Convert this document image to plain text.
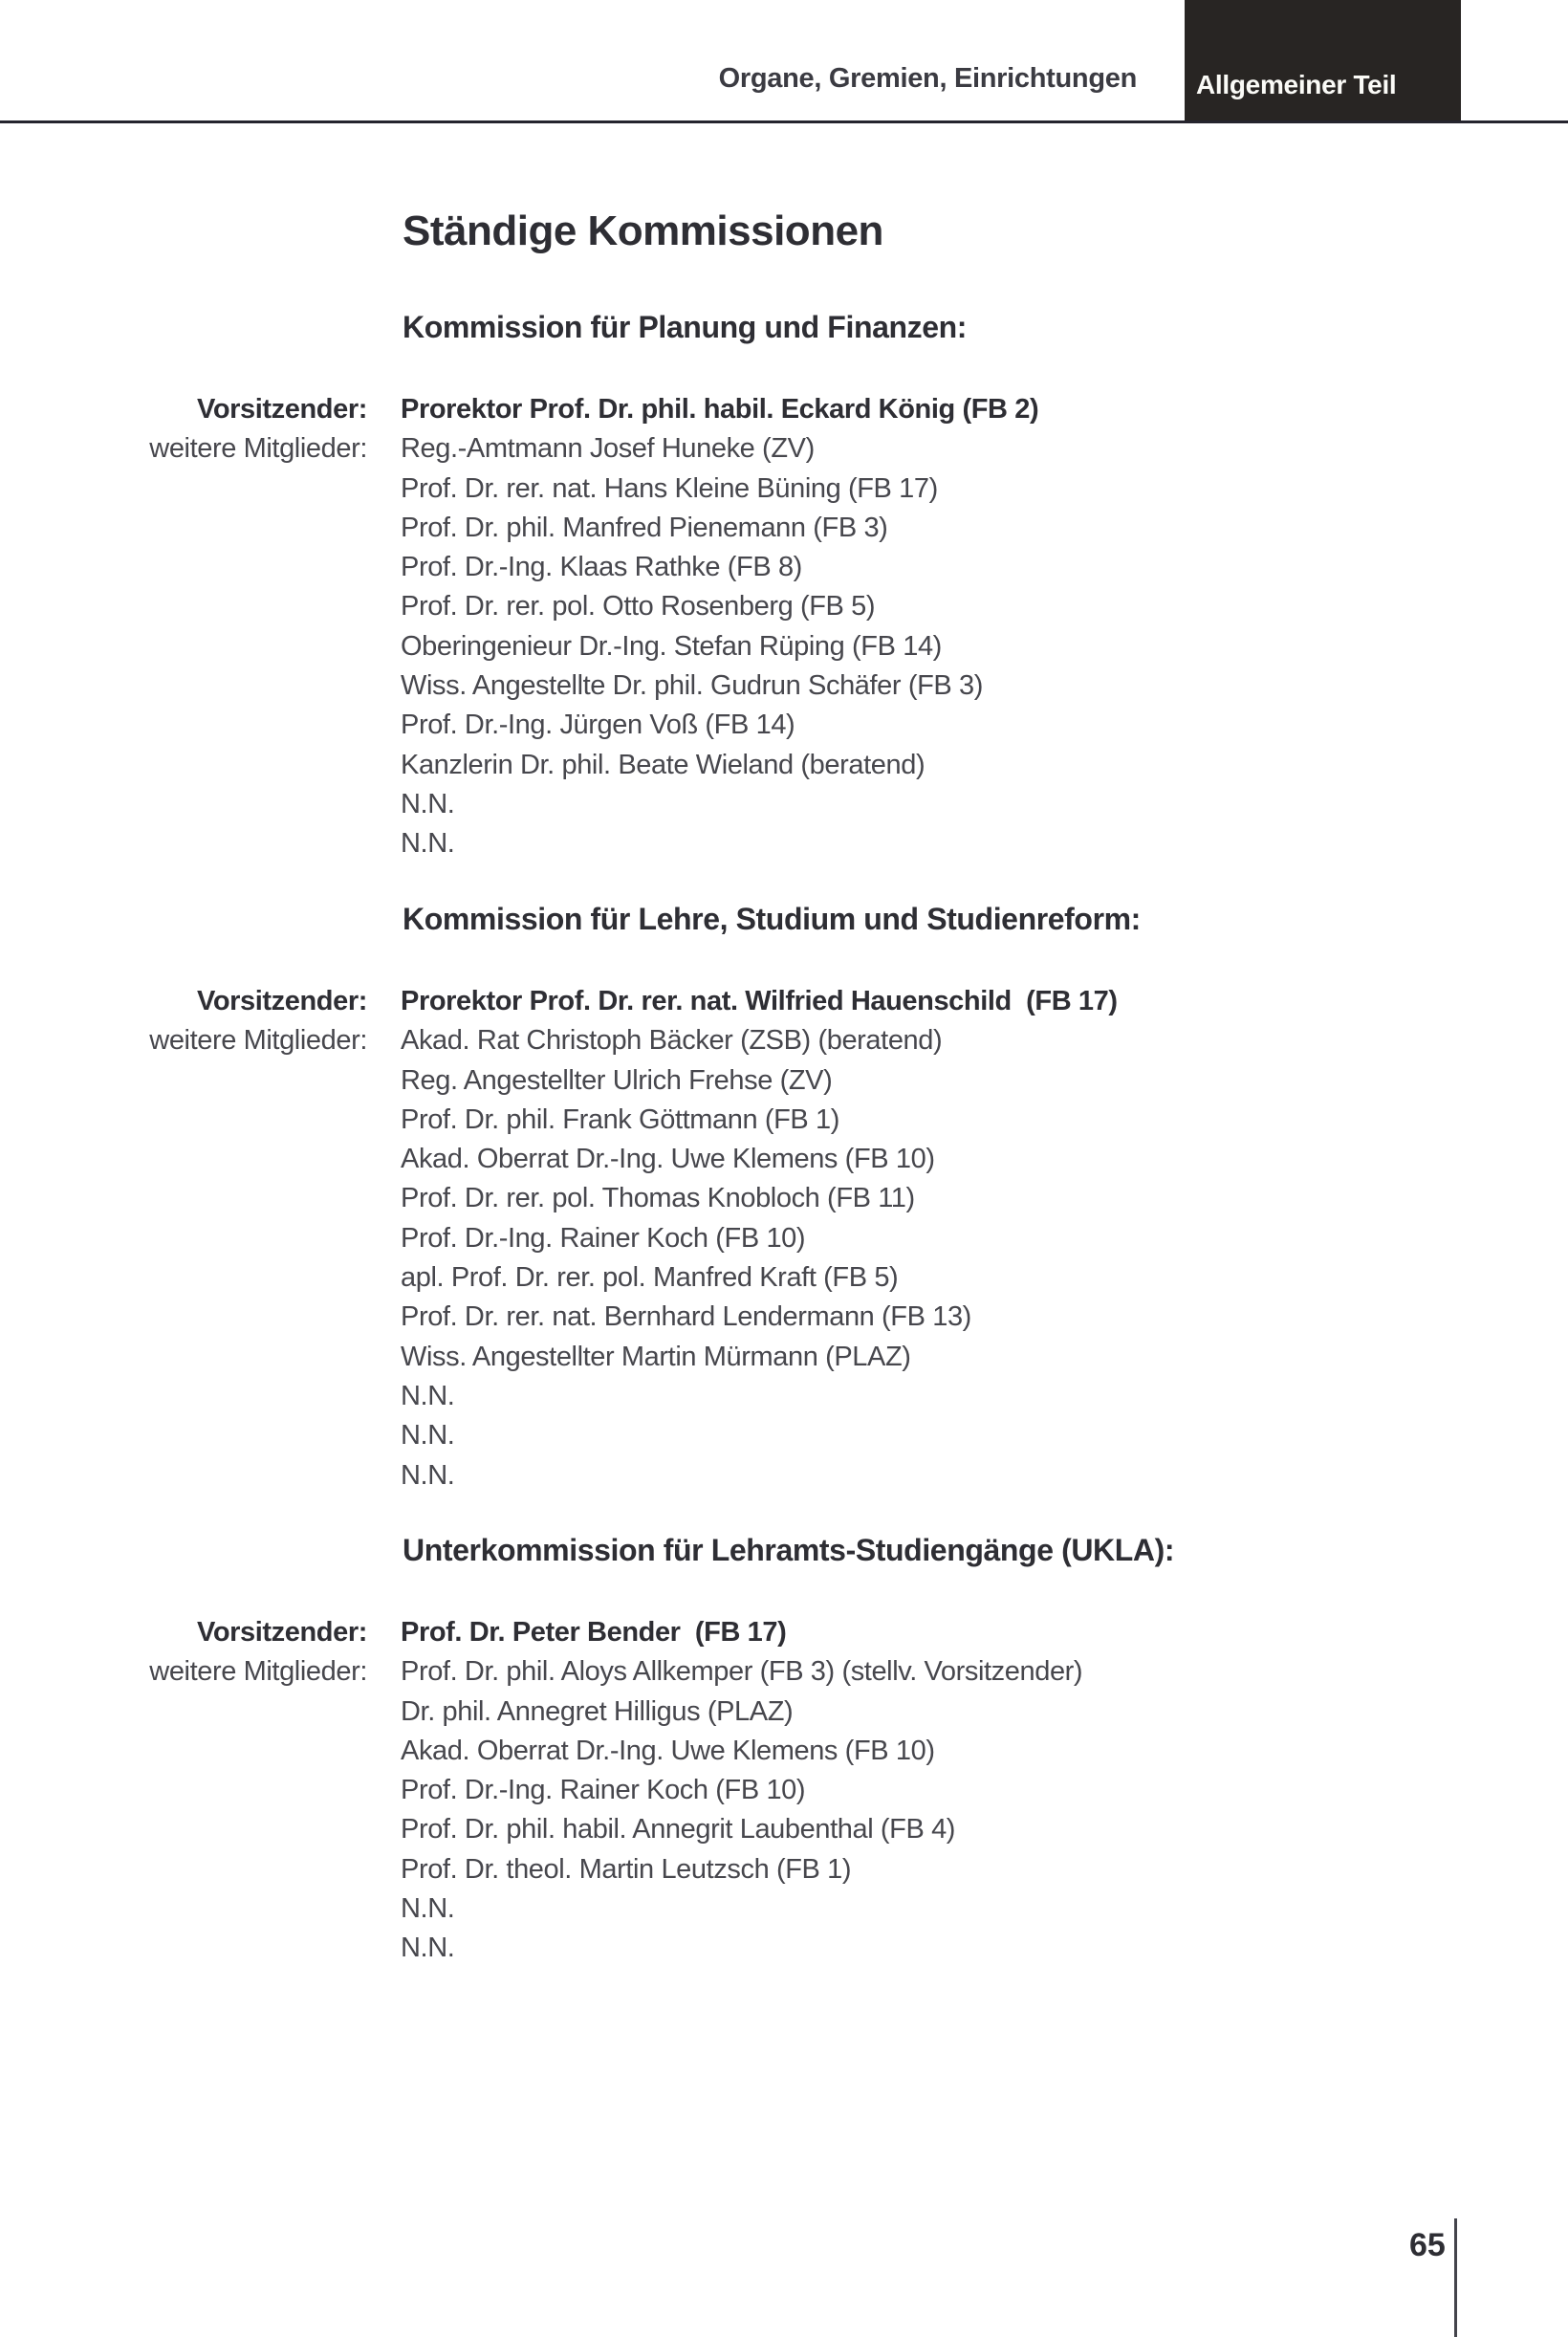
Organe, Gremien, Einrichtungen Allgemeiner Teil
Ständige Kommissionen
Kommission für Planung und Finanzen:
Vorsitzender: Prorektor Prof. Dr. phil. habil. Eckard König (FB 2)
weitere Mitglieder: Reg.-Amtmann Josef Huneke (ZV)
Prof. Dr. rer. nat. Hans Kleine Büning (FB 17)
Prof. Dr. phil. Manfred Pienemann (FB 3)
Prof. Dr.-Ing. Klaas Rathke (FB 8)
Prof. Dr. rer. pol. Otto Rosenberg (FB 5)
Oberingenieur Dr.-Ing. Stefan Rüping (FB 14)
Wiss. Angestellte Dr. phil. Gudrun Schäfer (FB 3)
Prof. Dr.-Ing. Jürgen Voß (FB 14)
Kanzlerin Dr. phil. Beate Wieland (beratend)
N.N.
N.N.
Kommission für Lehre, Studium und Studienreform:
Vorsitzender: Prorektor Prof. Dr. rer. nat. Wilfried Hauenschild  (FB 17)
weitere Mitglieder: Akad. Rat Christoph Bäcker (ZSB) (beratend)
Reg. Angestellter Ulrich Frehse (ZV)
Prof. Dr. phil. Frank Göttmann (FB 1)
Akad. Oberrat Dr.-Ing. Uwe Klemens (FB 10)
Prof. Dr. rer. pol. Thomas Knobloch (FB 11)
Prof. Dr.-Ing. Rainer Koch (FB 10)
apl. Prof. Dr. rer. pol. Manfred Kraft (FB 5)
Prof. Dr. rer. nat. Bernhard Lendermann (FB 13)
Wiss. Angestellter Martin Mürmann (PLAZ)
N.N.
N.N.
N.N.
Unterkommission für Lehramts-Studiengänge (UKLA):
Vorsitzender: Prof. Dr. Peter Bender  (FB 17)
weitere Mitglieder: Prof. Dr. phil. Aloys Allkemper (FB 3) (stellv. Vorsitzender)
Dr. phil. Annegret Hilligus (PLAZ)
Akad. Oberrat Dr.-Ing. Uwe Klemens (FB 10)
Prof. Dr.-Ing. Rainer Koch (FB 10)
Prof. Dr. phil. habil. Annegrit Laubenthal (FB 4)
Prof. Dr. theol. Martin Leutzsch (FB 1)
N.N.
N.N.
65
